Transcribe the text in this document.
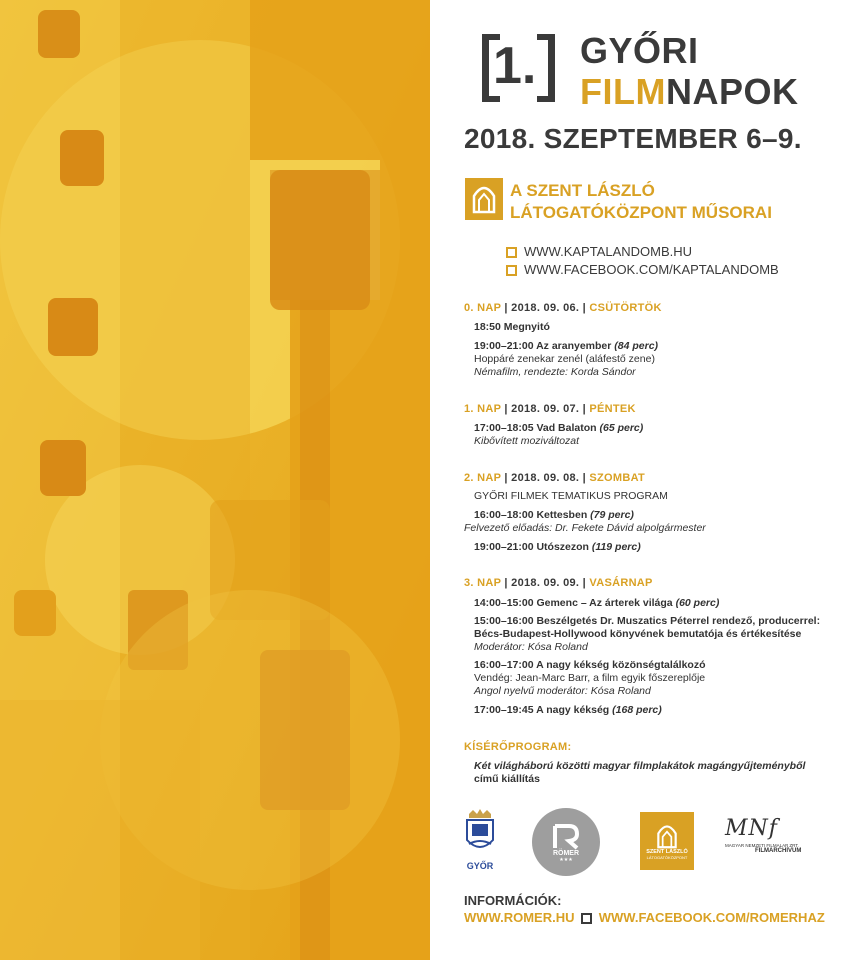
1. GYŐRI
FILMNAPOK
2018. SZEPTEMBER 6–9.
A SZENT LÁSZLÓ
LÁTOGATÓKÖZPONT MŰSORAI
WWW.KAPTALANDOMB.HU
WWW.FACEBOOK.COM/KAPTALANDOMB
0. NAP | 2018. 09. 06. | CSÜTÖRTÖK
18:50 Megnyitó
19:00–21:00 Az aranyember (84 perc)
Hoppáré zenekar zenél (aláfestő zene)
Némafilm, rendezte: Korda Sándor
1. NAP | 2018. 09. 07. | PÉNTEK
17:00–18:05 Vad Balaton (65 perc)
Kibővített moziváltozat
2. NAP | 2018. 09. 08. | SZOMBAT
GYŐRI FILMEK TEMATIKUS PROGRAM
16:00–18:00 Kettesben (79 perc)
Felvezető előadás: Dr. Fekete Dávid alpolgármester
19:00–21:00 Utószezon (119 perc)
3. NAP | 2018. 09. 09. | VASÁRNAP
14:00–15:00 Gemenc – Az árterek világa (60 perc)
15:00–16:00 Beszélgetés Dr. Muszatics Péterrel rendező, producerrel:
Bécs-Budapest-Hollywood könyvének bemutatója és értékesítése
Moderátor: Kósa Roland
16:00–17:00 A nagy kékség közönségtalálkozó
Vendég: Jean-Marc Barr, a film egyik főszereplője
Angol nyelvű moderátor: Kósa Roland
17:00–19:45 A nagy kékség (168 perc)
KÍSÉRŐPROGRAM:
Két világháború közötti magyar filmplakátok magángyűjteményből
című kiállítás
GYŐR
RÖMER
★★★
SZENT LÁSZLÓ
LÁTOGATÓKÖZPONT
MNf
MAGYAR NEMZETI FILMALAP ZRT.
FILMARCHÍVUM
INFORMÁCIÓK:
WWW.ROMER.HU WWW.FACEBOOK.COM/ROMERHAZ
